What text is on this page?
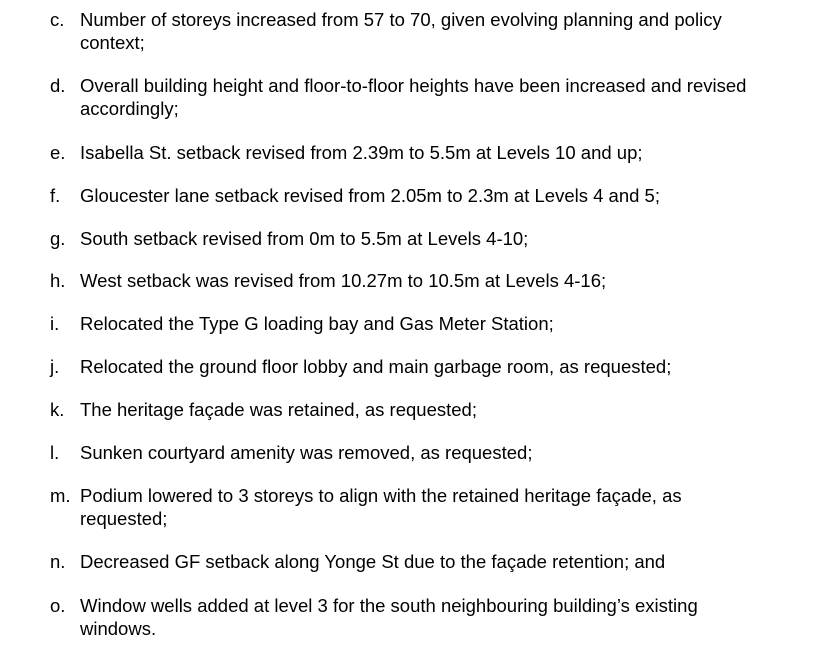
c. Number of storeys increased from 57 to 70, given evolving planning and policy context;
d. Overall building height and floor-to-floor heights have been increased and revised accordingly;
e. Isabella St. setback revised from 2.39m to 5.5m at Levels 10 and up;
f. Gloucester lane setback revised from 2.05m to 2.3m at Levels 4 and 5;
g. South setback revised from 0m to 5.5m at Levels 4-10;
h. West setback was revised from 10.27m to 10.5m at Levels 4-16;
i. Relocated the Type G loading bay and Gas Meter Station;
j. Relocated the ground floor lobby and main garbage room, as requested;
k. The heritage façade was retained, as requested;
l. Sunken courtyard amenity was removed, as requested;
m. Podium lowered to 3 storeys to align with the retained heritage façade, as requested;
n. Decreased GF setback along Yonge St due to the façade retention; and
o. Window wells added at level 3 for the south neighbouring building’s existing windows.
